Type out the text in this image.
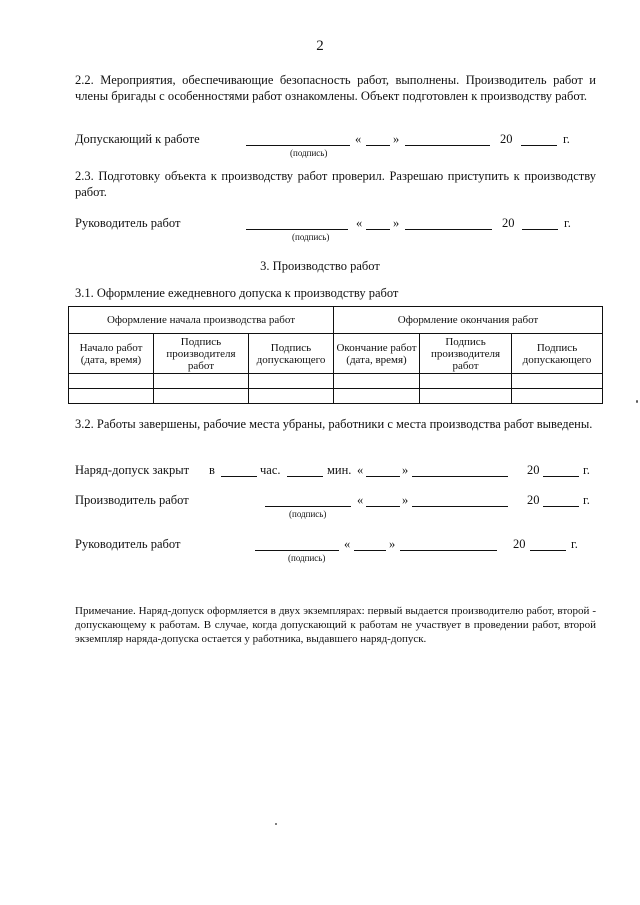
2
2.2. Мероприятия, обеспечивающие безопасность работ, выполнены. Производитель работ и члены бригады с особенностями работ ознакомлены. Объект подготовлен к производству работ.
Допускающий к работе	«	»	20	г.
(подпись)
2.3. Подготовку объекта к производству работ проверил. Разрешаю приступить к производству работ.
Руководитель работ	« »	20	г.
(подпись)
3. Производство работ
3.1. Оформление ежедневного допуска к производству работ
Оформление начала производства работ			Оформление окончания работ		
Начало работ (дата, время)	Подпись производителя работ	Подпись допускающего	Окончание работ (дата, время)	Подпись производителя работ	Подпись допускающего

3.2. Работы завершены, рабочие места убраны, работники с места производства работ выведены.
Наряд-допуск закрыт в	час.	мин. «	»	20	г.
Производитель работ	«	»	20	г.
(подпись)
Руководитель работ	«	»	20	г.
(подпись)
Примечание. Наряд-допуск оформляется в двух экземплярах: первый выдается производителю работ, второй - допускающему к работам. В случае, когда допускающий к работам не участвует в проведении работ, второй экземпляр наряда-допуска остается у работника, выдавшего наряд-допуск.
